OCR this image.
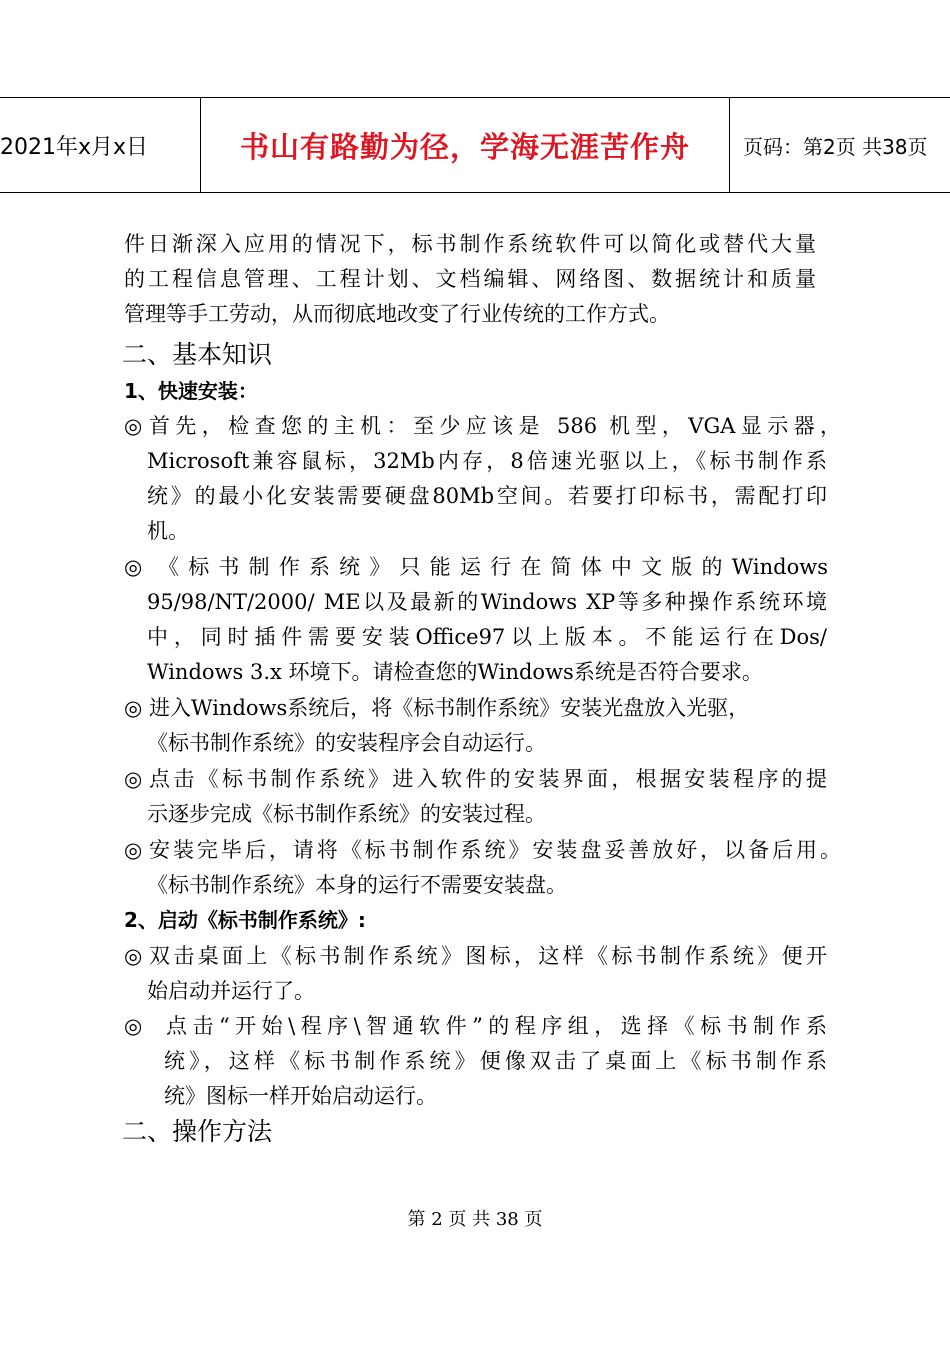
2021年x月x日	书山有路勤为径，学海无涯苦作舟	页码：第2页 共38页
件日渐深入应用的情况下，标书制作系统软件可以简化或替代大量
的工程信息管理、工程计划、文档编辑、网络图、数据统计和质量
管理等手工劳动，从而彻底地改变了行业传统的工作方式。
二、基本知识
1、快速安装：
◎ 首先，检查您的主机：至少应该是 586 机型，VGA显示器，
Microsoft兼容鼠标，32Mb内存，8倍速光驱以上，《标书制作系
统》的最小化安装需要硬盘80Mb空间。若要打印标书，需配打印
机。
◎ 《标书制作系统》只能运行在简体中文版的Windows
95/98/NT/2000/ ME以及最新的Windows XP等多种操作系统环境
中，同时插件需要安装Office97以上版本。不能运行在Dos/
Windows 3.x 环境下。请检查您的Windows系统是否符合要求。
◎ 进入Windows系统后，将《标书制作系统》安装光盘放入光驱，
《标书制作系统》的安装程序会自动运行。
◎ 点击《标书制作系统》进入软件的安装界面，根据安装程序的提
示逐步完成《标书制作系统》的安装过程。
◎ 安装完毕后，请将《标书制作系统》安装盘妥善放好，以备后用。
《标书制作系统》本身的运行不需要安装盘。
2、启动《标书制作系统》:
◎ 双击桌面上《标书制作系统》图标，这样《标书制作系统》便开
始启动并运行了。
◎ 点击“开始\程序\智通软件”的程序组，选择《标书制作系
统》，这样《标书制作系统》便像双击了桌面上《标书制作系
统》图标一样开始启动运行。
二、操作方法
第 2 页 共 38 页
